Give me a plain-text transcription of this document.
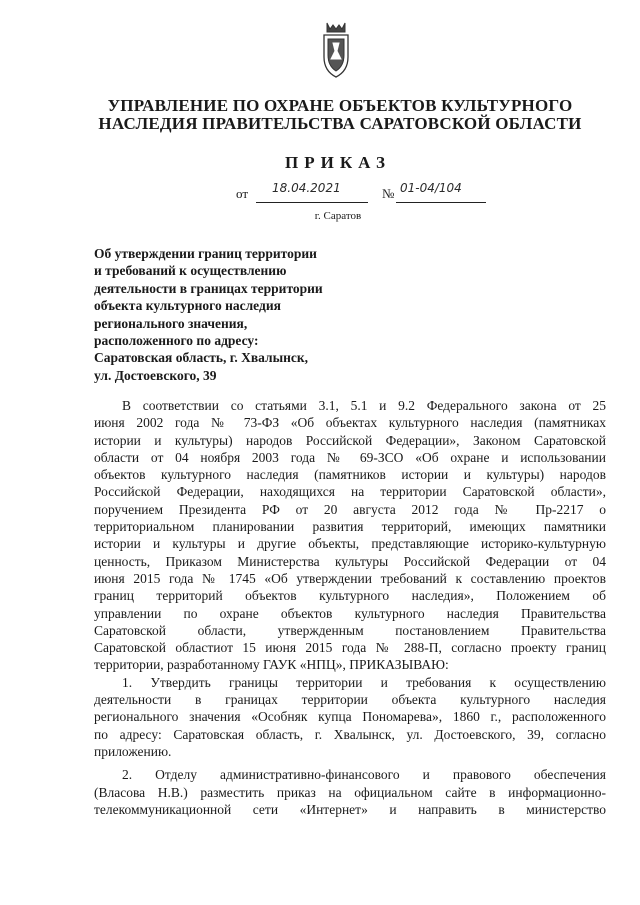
УПРАВЛЕНИЕ ПО ОХРАНЕ ОБЪЕКТОВ КУЛЬТУРНОГО
НАСЛЕДИЯ ПРАВИТЕЛЬСТВА САРАТОВСКОЙ ОБЛАСТИ
ПРИКАЗ
от 18.04.2021	№ 01-04/104
г. Саратов
Об утверждении границ территории
и требований к осуществлению
деятельности в границах территории
объекта культурного наследия
регионального значения,
расположенного по адресу:
Саратовская область, г. Хвалынск,
ул. Достоевского, 39
В соответствии со статьями 3.1, 5.1 и 9.2 Федерального закона от 25
июня 2002 года № 73-ФЗ «Об объектах культурного наследия (памятниках
истории и культуры) народов Российской Федерации», Законом Саратовской
области от 04 ноября 2003 года № 69-ЗСО «Об охране и использовании
объектов культурного наследия (памятников истории и культуры) народов
Российской Федерации, находящихся на территории Саратовской области»,
поручением Президента РФ от 20 августа 2012 года № Пр-2217 о
территориальном планировании развития территорий, имеющих памятники
истории и культуры и другие объекты, представляющие историко-культурную
ценность, Приказом Министерства культуры Российской Федерации от 04
июня 2015 года № 1745 «Об утверждении требований к составлению проектов
границ территорий объектов культурного наследия», Положением об
управлении по охране объектов культурного наследия Правительства
Саратовской области, утвержденным постановлением Правительства
Саратовской областиот 15 июня 2015 года № 288-П, согласно проекту границ
территории, разработанному ГАУК «НПЦ», ПРИКАЗЫВАЮ:
1. Утвердить границы территории и требования к осуществлению
деятельности в границах территории объекта культурного наследия
регионального значения «Особняк купца Пономарева», 1860 г., расположенного
по адресу: Саратовская область, г. Хвалынск, ул. Достоевского, 39, согласно
приложению.
2. Отделу административно-финансового и правового обеспечения
(Власова Н.В.) разместить приказ на официальном сайте в информационно-
телекоммуникационной сети «Интернет» и направить в министерство
